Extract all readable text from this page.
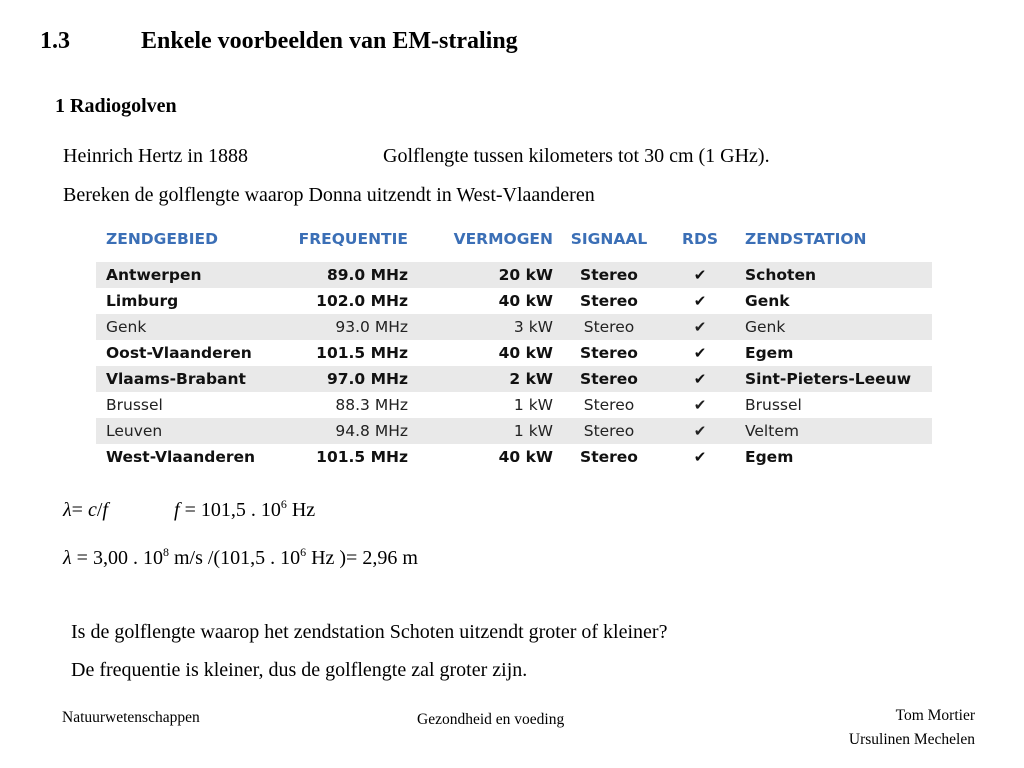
1.3	Enkele voorbeelden van EM-straling
1 Radiogolven
Heinrich Hertz in 1888	Golflengte tussen kilometers tot 30 cm (1 GHz).
Bereken de golflengte waarop Donna uitzendt in West-Vlaanderen
ZENDGEBIED	FREQUENTIE	VERMOGEN	SIGNAAL	RDS	ZENDSTATION
Antwerpen	89.0 MHz	20 kW	Stereo	✔	Schoten
Limburg	102.0 MHz	40 kW	Stereo	✔	Genk
Genk	93.0 MHz	3 kW	Stereo	✔	Genk
Oost-Vlaanderen	101.5 MHz	40 kW	Stereo	✔	Egem
Vlaams-Brabant	97.0 MHz	2 kW	Stereo	✔	Sint-Pieters-Leeuw
Brussel	88.3 MHz	1 kW	Stereo	✔	Brussel
Leuven	94.8 MHz	1 kW	Stereo	✔	Veltem
West-Vlaanderen	101.5 MHz	40 kW	Stereo	✔	Egem
λ= c/f	f = 101,5 . $10^6$ Hz
λ = 3,00 . $10^8$ m/s /(101,5 . $10^6$ Hz )= 2,96 m
Is de golflengte waarop het zendstation Schoten uitzendt groter of kleiner?
De frequentie is kleiner, dus de golflengte zal groter zijn.
Natuurwetenschappen	Gezondheid en voeding	Tom Mortier
Ursulinen Mechelen
